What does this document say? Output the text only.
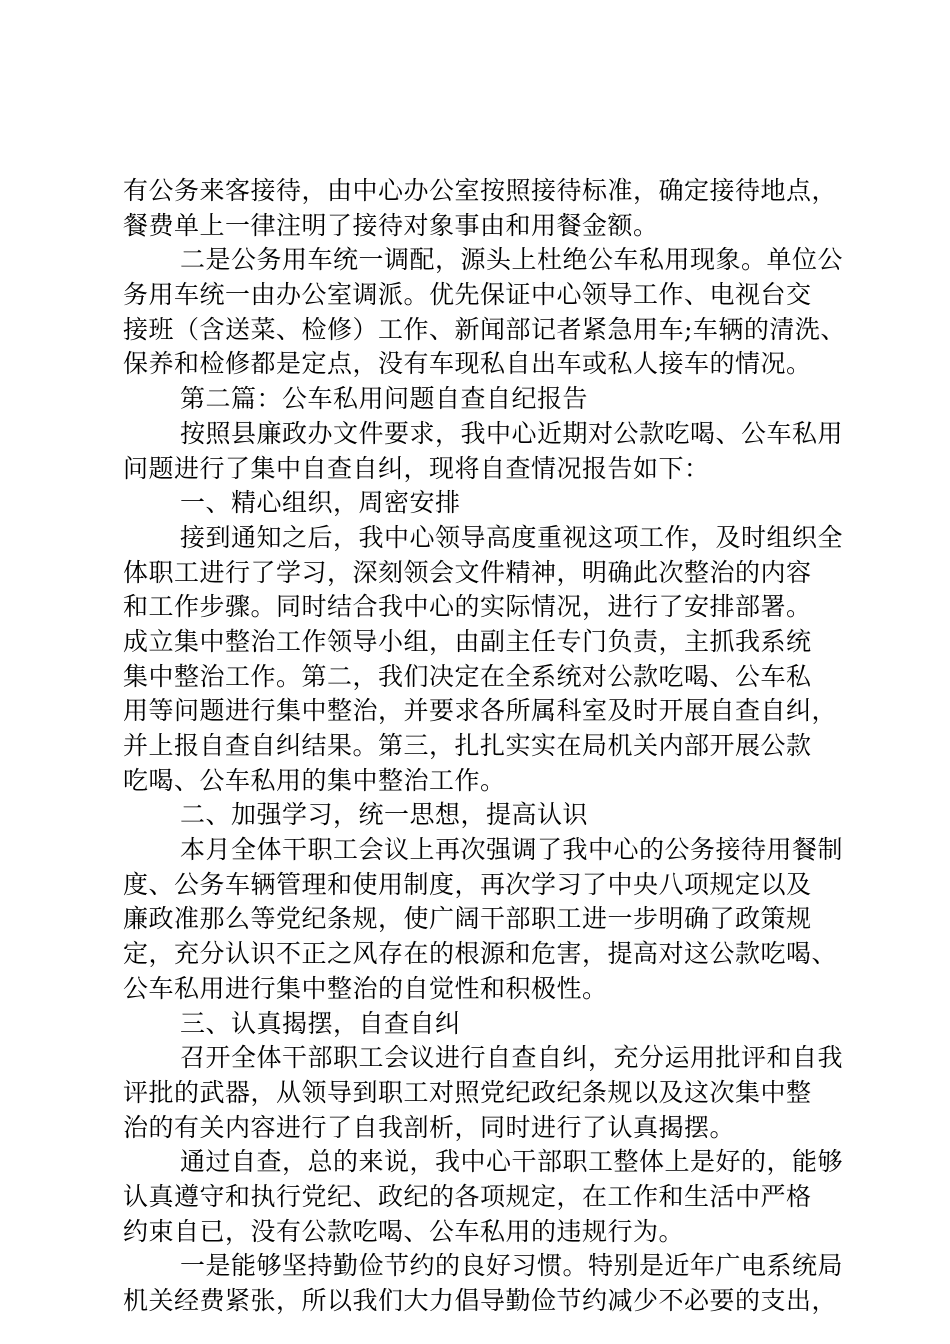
有公务来客接待，由中心办公室按照接待标准，确定接待地点，
餐费单上一律注明了接待对象事由和用餐金额。
二是公务用车统一调配，源头上杜绝公车私用现象。单位公
务用车统一由办公室调派。优先保证中心领导工作、电视台交
接班（含送菜、检修）工作、新闻部记者紧急用车;车辆的清洗、
保养和检修都是定点，没有车现私自出车或私人接车的情况。
第二篇：公车私用问题自查自纪报告
按照县廉政办文件要求，我中心近期对公款吃喝、公车私用
问题进行了集中自查自纠，现将自查情况报告如下：
一、精心组织，周密安排
接到通知之后，我中心领导高度重视这项工作，及时组织全
体职工进行了学习，深刻领会文件精神，明确此次整治的内容
和工作步骤。同时结合我中心的实际情况，进行了安排部署。
成立集中整治工作领导小组，由副主任专门负责，主抓我系统
集中整治工作。第二，我们决定在全系统对公款吃喝、公车私
用等问题进行集中整治，并要求各所属科室及时开展自查自纠，
并上报自查自纠结果。第三，扎扎实实在局机关内部开展公款
吃喝、公车私用的集中整治工作。
二、加强学习，统一思想，提高认识
本月全体干职工会议上再次强调了我中心的公务接待用餐制
度、公务车辆管理和使用制度，再次学习了中央八项规定以及
廉政准那么等党纪条规，使广阔干部职工进一步明确了政策规
定，充分认识不正之风存在的根源和危害，提高对这公款吃喝、
公车私用进行集中整治的自觉性和积极性。
三、认真揭摆，自查自纠
召开全体干部职工会议进行自查自纠，充分运用批评和自我
评批的武器，从领导到职工对照党纪政纪条规以及这次集中整
治的有关内容进行了自我剖析，同时进行了认真揭摆。
通过自查，总的来说，我中心干部职工整体上是好的，能够
认真遵守和执行党纪、政纪的各项规定，在工作和生活中严格
约束自已，没有公款吃喝、公车私用的违规行为。
一是能够坚持勤俭节约的良好习惯。特别是近年广电系统局
机关经费紧张，所以我们大力倡导勤俭节约减少不必要的支出，
